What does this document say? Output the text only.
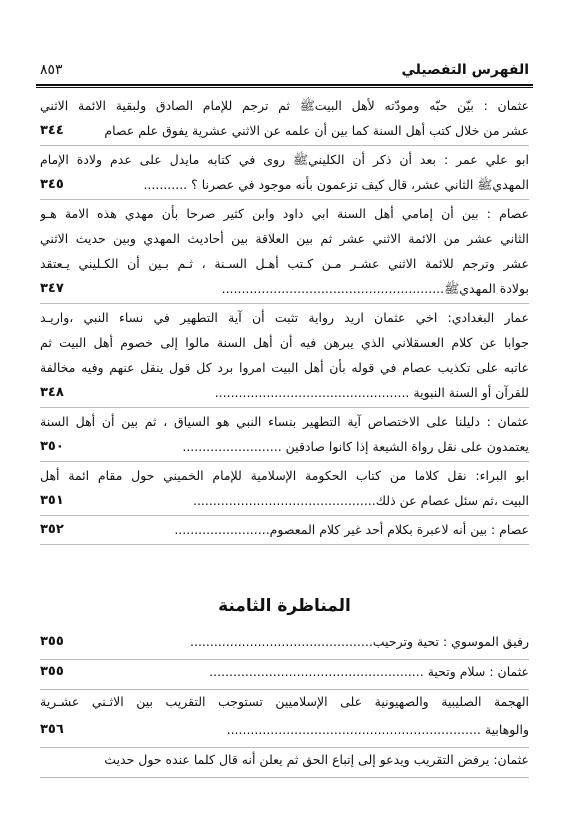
الفهرس التفصيلي
٨٥٣
عثمان : بيّن حبّه ومودّته لأهل البيتﷺ ثم ترجم للإمام الصادق ولبقية الائمة الاثني
عشر من خلال كتب أهل السنة كما بين أن علمه عن الاثني عشرية يفوق علم عصام
٣٤٤
ابو علي عمر : بعد أن ذكر أن الكلينيﷺ روى في كتابه مايدل على عدم ولادة الإمام
المهديﷺ الثاني عشر، قال كيف تزعمون بأنه موجود في عصرنا ؟ ...........
٣٤٥
عصام : بين أن إمامي أهل السنة ابي داود وابن كثير صرحا بأن مهدي هذه الامة هـو
الثاني عشر من الائمة الاثني عشر ثم بين العلاقة بين أحاديث المهدي وبين حديث الاثني
عشر وترجم للائمة الاثني عشـر مـن كـتب أهـل السـنة ، ثـم بـين أن الكـليني يـعتقد
بولادة المهديﷺ........................................................
٣٤٧
عمار البغدادي: اخي عثمان اريد رواية تثبت أن آية التطهير في نساء النبي ،واريـد
جوابا عن كلام العسقلاني الذي يبرهن فيه أن أهل السنة مالوا إلى خصوم أهل البيت ثم
عاتبه على تكذيب عصام في قوله بأن أهل البيت امروا برد كل قول ينقل عنهم وفيه مخالفة
للقرآن أو السنة النبوية .................................................
٣٤٨
عثمان : دليلنا على الاختصاص آية التطهير بنساء النبي هو السياق ، ثم بين أن أهل السنة
يعتمدون على نقل رواة الشيعة إذا كانوا صادقين .........................
٣٥٠
ابو البراء: نقل كلاما من كتاب الحكومة الإسلامية للإمام الخميني حول مقام ائمة أهل
البيت ،ثم سئل عصام عن ذلك..............................................
٣٥١
عصام : بين أنه لاعبرة بكلام أحد غير كلام المعصوم........................
٣٥٢
المناظرة الثامنة
رفيق الموسوي : تحية وترحيب..............................................
٣٥٥
عثمان : سلام وتحية ......................................................
٣٥٥
الهجمة الصليبية والصهيونية على الإسلاميين تستوجب التقريب بين الاثـني عشـرية
والوهابية ................................................................
٣٥٦
عثمان: يرفض التقريب ويدعو إلى إتباع الحق ثم يعلن أنه قال كلما عنده حول حديث
